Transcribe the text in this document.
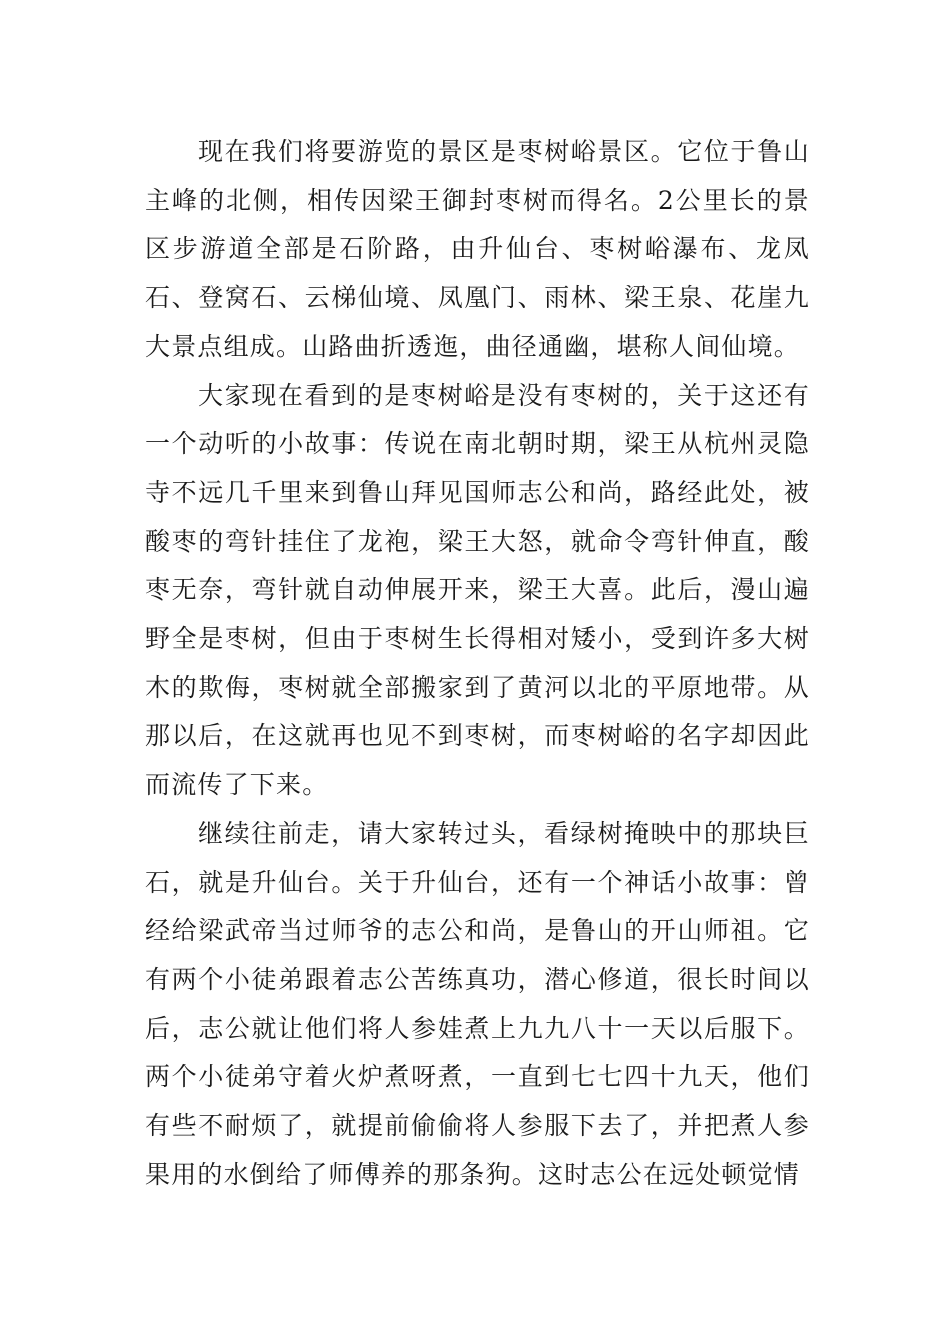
现在我们将要游览的景区是枣树峪景区。它位于鲁山主峰的北侧，相传因梁王御封枣树而得名。2公里长的景区步游道全部是石阶路，由升仙台、枣树峪瀑布、龙凤石、登窝石、云梯仙境、凤凰门、雨林、梁王泉、花崖九大景点组成。山路曲折透迤，曲径通幽，堪称人间仙境。

大家现在看到的是枣树峪是没有枣树的，关于这还有一个动听的小故事：传说在南北朝时期，梁王从杭州灵隐寺不远几千里来到鲁山拜见国师志公和尚，路经此处，被酸枣的弯针挂住了龙袍，梁王大怒，就命令弯针伸直，酸枣无奈，弯针就自动伸展开来，梁王大喜。此后，漫山遍野全是枣树，但由于枣树生长得相对矮小，受到许多大树木的欺侮，枣树就全部搬家到了黄河以北的平原地带。从那以后，在这就再也见不到枣树，而枣树峪的名字却因此而流传了下来。

继续往前走，请大家转过头，看绿树掩映中的那块巨石，就是升仙台。关于升仙台，还有一个神话小故事：曾经给梁武帝当过师爷的志公和尚，是鲁山的开山师祖。它有两个小徒弟跟着志公苦练真功，潜心修道，很长时间以后，志公就让他们将人参娃煮上九九八十一天以后服下。两个小徒弟守着火炉煮呀煮，一直到七七四十九天，他们有些不耐烦了，就提前偷偷将人参服下去了，并把煮人参果用的水倒给了师傅养的那条狗。这时志公在远处顿觉情
